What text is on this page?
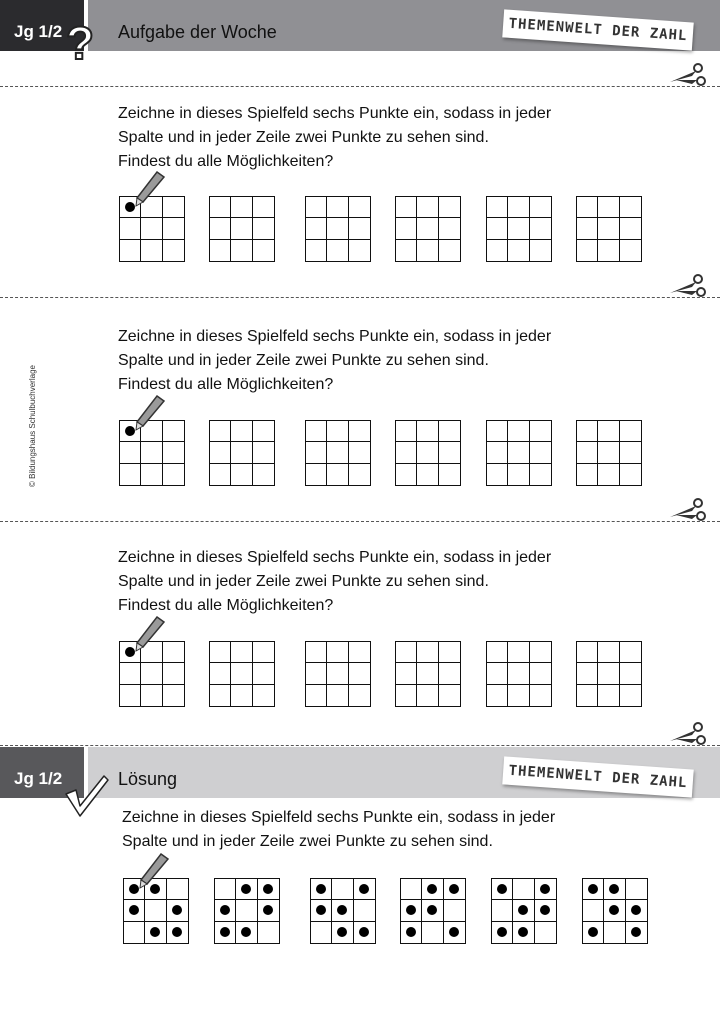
Jg 1/2	Aufgabe der Woche
?	THEMENWELT DER ZAHL
© Bildungshaus Schulbuchverlage
Zeichne in dieses Spielfeld sechs Punkte ein, sodass in jeder
Spalte und in jeder Zeile zwei Punkte zu sehen sind.
Findest du alle Möglichkeiten?
Zeichne in dieses Spielfeld sechs Punkte ein, sodass in jeder
Spalte und in jeder Zeile zwei Punkte zu sehen sind.
Findest du alle Möglichkeiten?
Zeichne in dieses Spielfeld sechs Punkte ein, sodass in jeder
Spalte und in jeder Zeile zwei Punkte zu sehen sind.
Findest du alle Möglichkeiten?
Jg 1/2	Lösung	THEMENWELT DER ZAHL
Zeichne in dieses Spielfeld sechs Punkte ein, sodass in jeder
Spalte und in jeder Zeile zwei Punkte zu sehen sind.
